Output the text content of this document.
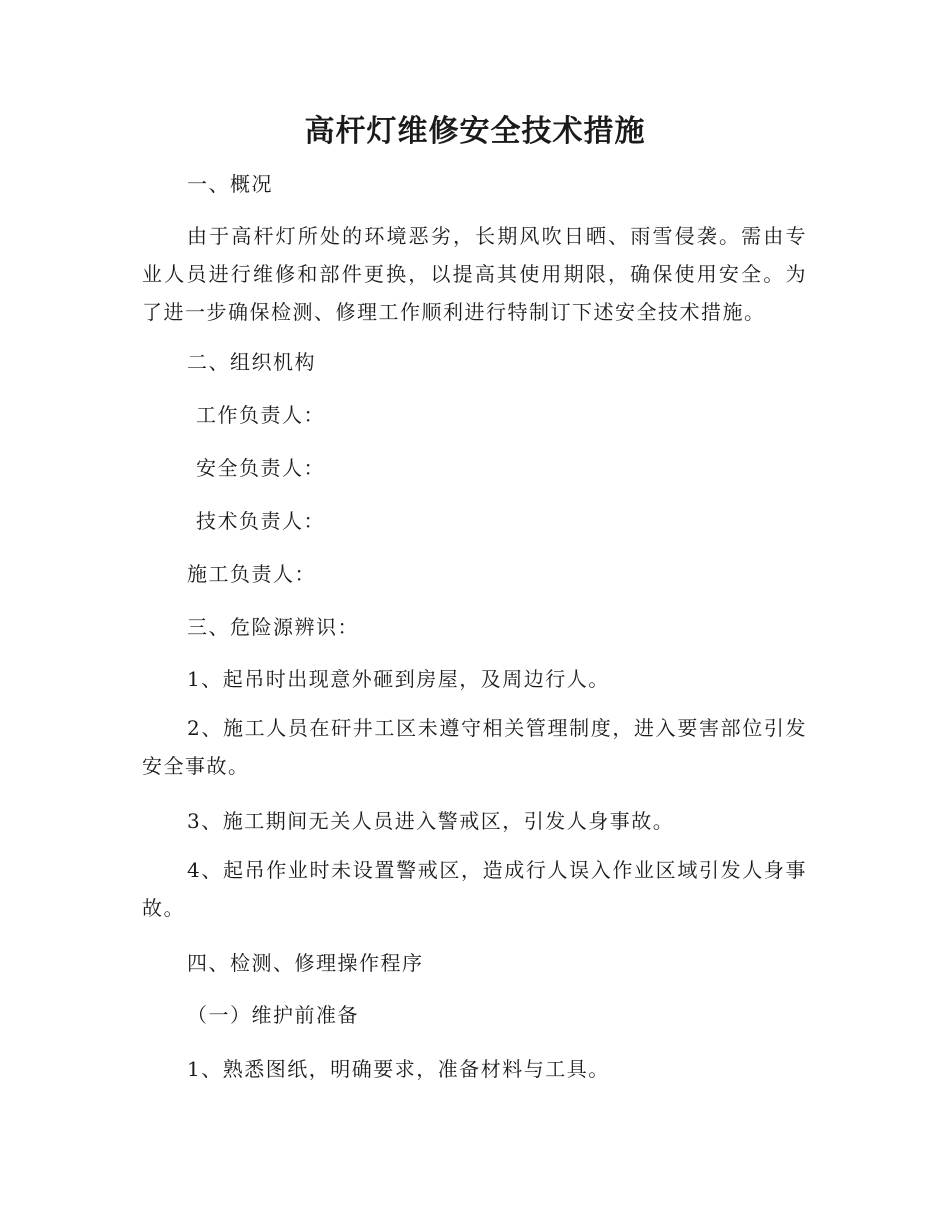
高杆灯维修安全技术措施
一、概况
由于高杆灯所处的环境恶劣，长期风吹日晒、雨雪侵袭。需由专业人员进行维修和部件更换，以提高其使用期限，确保使用安全。为了进一步确保检测、修理工作顺利进行特制订下述安全技术措施。
二、组织机构
工作负责人：
安全负责人：
技术负责人：
施工负责人：
三、危险源辨识：
1、起吊时出现意外砸到房屋，及周边行人。
2、施工人员在矸井工区未遵守相关管理制度，进入要害部位引发安全事故。
3、施工期间无关人员进入警戒区，引发人身事故。
4、起吊作业时未设置警戒区，造成行人误入作业区域引发人身事故。
四、检测、修理操作程序
（一）维护前准备
1、熟悉图纸，明确要求，准备材料与工具。
